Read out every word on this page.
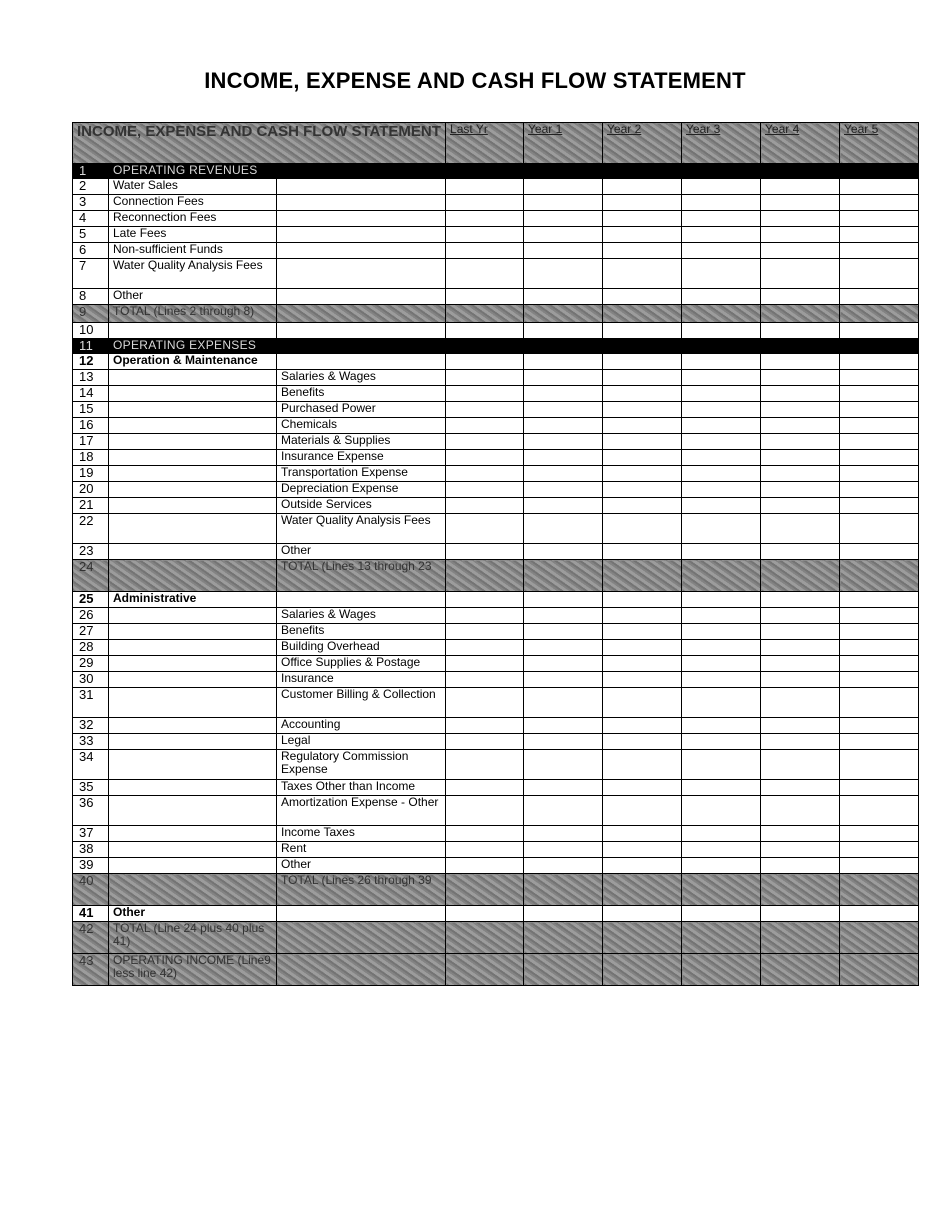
INCOME, EXPENSE AND CASH FLOW STATEMENT
INCOME, EXPENSE AND CASH FLOW STATEMENT			Last Yr	Year 1	Year 2	Year 3	Year 4	Year 5
1	OPERATING REVENUES							
2	Water Sales							
3	Connection Fees							
4	Reconnection Fees							
5	Late Fees							
6	Non-sufficient Funds							
7	Water Quality Analysis Fees							
8	Other							
9	TOTAL (Lines 2 through 8)							
10								
11	OPERATING EXPENSES							
12	Operation & Maintenance							
13		Salaries & Wages						
14		Benefits						
15		Purchased Power						
16		Chemicals						
17		Materials & Supplies						
18		Insurance Expense						
19		Transportation Expense						
20		Depreciation Expense						
21		Outside Services						
22		Water Quality Analysis Fees						
23		Other						
24		TOTAL (Lines 13 through 23						
25	Administrative							
26		Salaries & Wages						
27		Benefits						
28		Building Overhead						
29		Office Supplies & Postage						
30		Insurance						
31		Customer Billing & Collection						
32		Accounting						
33		Legal						
34		Regulatory Commission Expense						
35		Taxes Other than Income						
36		Amortization Expense - Other						
37		Income Taxes						
38		Rent						
39		Other						
40		TOTAL (Lines 26 through 39						
41	Other							
42	TOTAL (Line 24 plus 40 plus 41)							
43	OPERATING INCOME (Line9 less line 42)							
